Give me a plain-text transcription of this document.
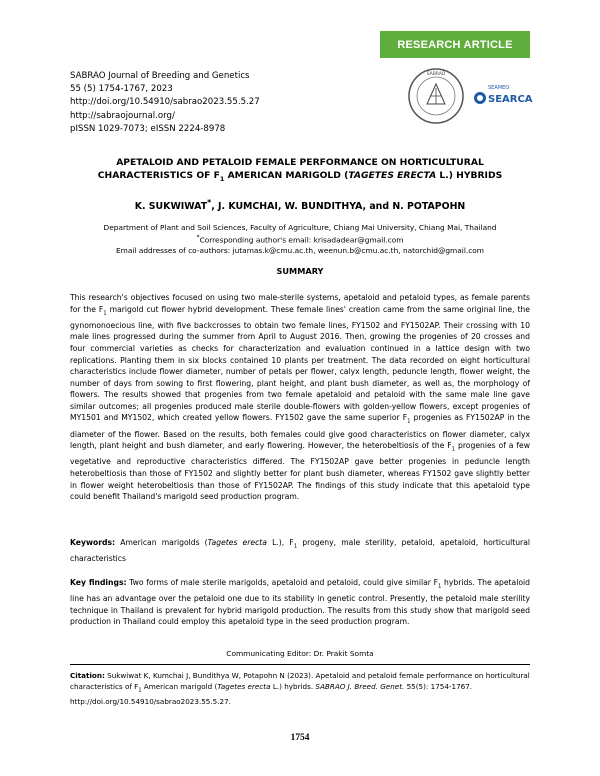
RESEARCH ARTICLE
SABRAO Journal of Breeding and Genetics
55 (5) 1754-1767, 2023
http://doi.org/10.54910/sabrao2023.55.5.27
http://sabraojournal.org/
pISSN 1029-7073; eISSN 2224-8978
SABRAO
SEAMEO
SEARCA
APETALOID AND PETALOID FEMALE PERFORMANCE ON HORTICULTURAL
CHARACTERISTICS OF $F_1$ AMERICAN MARIGOLD (TAGETES ERECTA L.) HYBRIDS
K. SUKWIWAT*, J. KUMCHAI, W. BUNDITHYA, and N. POTAPOHN
Department of Plant and Soil Sciences, Faculty of Agriculture, Chiang Mai University, Chiang Mai, Thailand
*Corresponding author's email: krisadadear@gmail.com
Email addresses of co-authors: jutamas.k@cmu.ac.th, weenun.b@cmu.ac.th, natorchid@gmail.com
SUMMARY
This research's objectives focused on using two male-sterile systems, apetaloid and petaloid types, as female parents for the $F_1$ marigold cut flower hybrid development. These female lines' creation came from the same original line, the gynomonoecious line, with five backcrosses to obtain two female lines, FY1502 and FY1502AP. Their crossing with 10 male lines progressed during the summer from April to August 2016. Then, growing the progenies of 20 crosses and four commercial varieties as checks for characterization and evaluation continued in a lattice design with two replications. Planting them in six blocks contained 10 plants per treatment. The data recorded on eight horticultural characteristics include flower diameter, number of petals per flower, calyx length, peduncle length, flower weight, the number of days from sowing to first flowering, plant height, and plant bush diameter, as well as, the morphology of flowers. The results showed that progenies from two female apetaloid and petaloid with the same male line gave similar outcomes; all progenies produced male sterile double-flowers with golden-yellow flowers, except progenies of MY1501 and MY1502, which created yellow flowers. FY1502 gave the same superior $F_1$ progenies as FY1502AP in the diameter of the flower. Based on the results, both females could give good characteristics on flower diameter, calyx length, plant height and bush diameter, and early flowering. However, the heterobeltiosis of the $F_1$ progenies of a few vegetative and reproductive characteristics differed. The FY1502AP gave better progenies in peduncle length heterobeltiosis than those of FY1502 and slightly better for plant bush diameter, whereas FY1502 gave slightly better in flower weight heterobeltiosis than those of FY1502AP. The findings of this study indicate that this apetaloid type could benefit Thailand's marigold seed production program.
Keywords: American marigolds (Tagetes erecta L.), $F_1$ progeny, male sterility, petaloid, apetaloid, horticultural characteristics
Key findings: Two forms of male sterile marigolds, apetaloid and petaloid, could give similar $F_1$ hybrids. The apetaloid line has an advantage over the petaloid one due to its stability in genetic control. Presently, the petaloid male sterility technique in Thailand is prevalent for hybrid marigold production. The results from this study show that marigold seed production in Thailand could employ this apetaloid type in the seed production program.
Communicating Editor: Dr. Prakit Somta
Citation: Sukwiwat K, Kumchai J, Bundithya W, Potapohn N (2023). Apetaloid and petaloid female performance on horticultural characteristics of $F_1$ American marigold (Tagetes erecta L.) hybrids. SABRAO J. Breed. Genet. 55(5): 1754-1767. http://doi.org/10.54910/sabrao2023.55.5.27.
1754
